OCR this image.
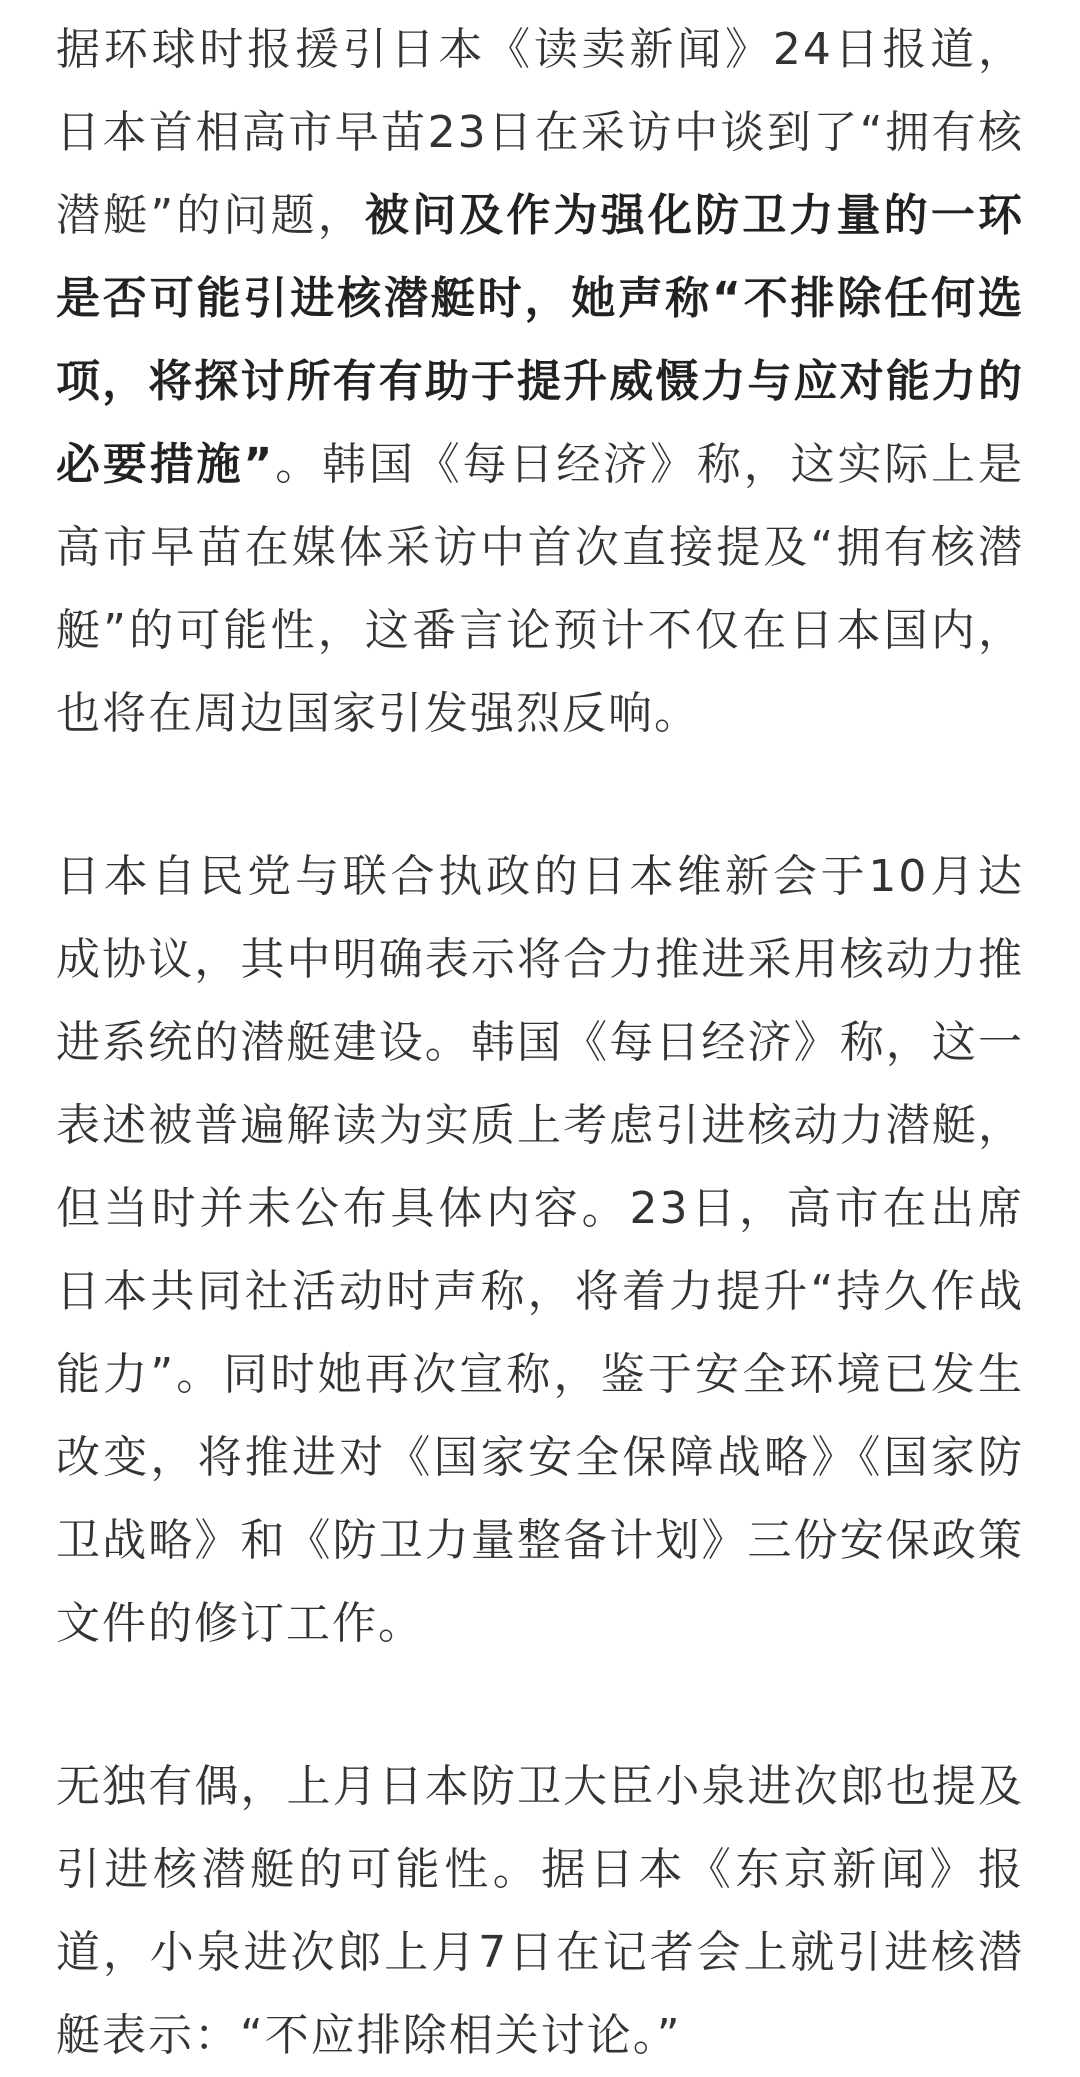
据环球时报援引日本《读卖新闻》24日报道，日本首相高市早苗23日在采访中谈到了“拥有核潜艇”的问题，被问及作为强化防卫力量的一环是否可能引进核潜艇时，她声称“不排除任何选项，将探讨所有有助于提升威慑力与应对能力的必要措施”。韩国《每日经济》称，这实际上是高市早苗在媒体采访中首次直接提及“拥有核潜艇”的可能性，这番言论预计不仅在日本国内，也将在周边国家引发强烈反响。

日本自民党与联合执政的日本维新会于10月达成协议，其中明确表示将合力推进采用核动力推进系统的潜艇建设。韩国《每日经济》称，这一表述被普遍解读为实质上考虑引进核动力潜艇，但当时并未公布具体内容。23日，高市在出席日本共同社活动时声称，将着力提升“持久作战能力”。同时她再次宣称，鉴于安全环境已发生改变，将推进对《国家安全保障战略》《国家防卫战略》和《防卫力量整备计划》三份安保政策文件的修订工作。

无独有偶，上月日本防卫大臣小泉进次郎也提及引进核潜艇的可能性。据日本《东京新闻》报道，小泉进次郎上月7日在记者会上就引进核潜艇表示：“不应排除相关讨论。”
